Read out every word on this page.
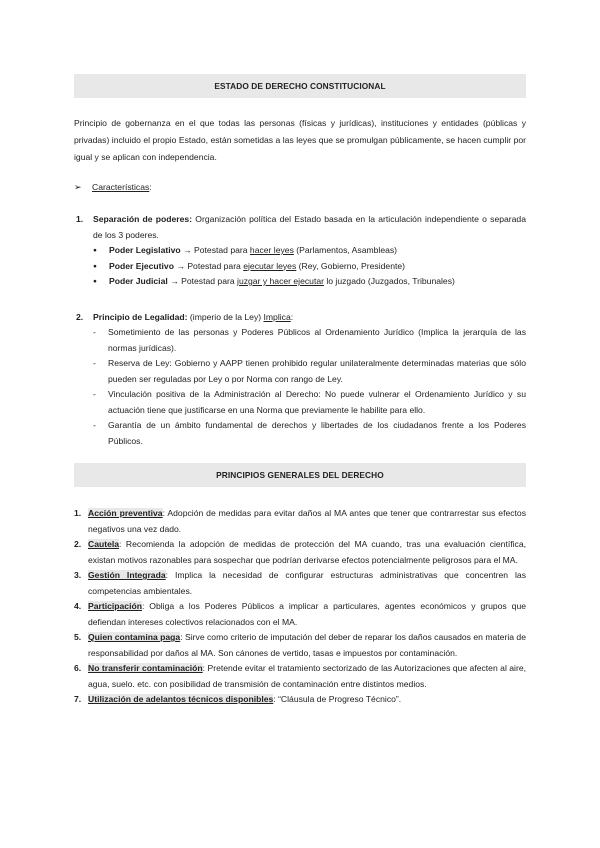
ESTADO DE DERECHO CONSTITUCIONAL

Principio de gobernanza en el que todas las personas (físicas y jurídicas), instituciones y entidades (públicas y privadas) incluido el propio Estado, están sometidas a las leyes que se promulgan públicamente, se hacen cumplir por igual y se aplican con independencia.

➢	Características :
1. Separación de poderes: Organización política del Estado basada en la articulación independiente o separada de los 3 poderes.
● Poder Legislativo → Potestad para hacer leyes (Parlamentos, Asambleas)
● Poder Ejecutivo → Potestad para ejecutar leyes (Rey, Gobierno, Presidente)
● Poder Judicial → Potestad para juzgar y hacer ejecutar lo juzgado (Juzgados, Tribunales)
2. Principio de Legalidad: (imperio de la Ley) Implica:
- Sometimiento de las personas y Poderes Públicos al Ordenamiento Jurídico (Implica la jerarquía de las normas jurídicas).
- Reserva de Ley: Gobierno y AAPP tienen prohibido regular unilateralmente determinadas materias que sólo pueden ser reguladas por Ley o por Norma con rango de Ley.
- Vinculación positiva de la Administración al Derecho: No puede vulnerar el Ordenamiento Jurídico y su actuación tiene que justificarse en una Norma que previamente le habilite para ello.
- Garantía de un ámbito fundamental de derechos y libertades de los ciudadanos frente a los Poderes Públicos.
PRINCIPIOS GENERALES DEL DERECHO
1. Acción preventiva: Adopción de medidas para evitar daños al MA antes que tener que contrarrestar sus efectos negativos una vez dado.
2. Cautela: Recomienda la adopción de medidas de protección del MA cuando, tras una evaluación científica, existan motivos razonables para sospechar que podrían derivarse efectos potencialmente peligrosos para el MA.
3. Gestión Integrada: Implica la necesidad de configurar estructuras administrativas que concentren las competencias ambientales.
4. Participación: Obliga a los Poderes Públicos a implicar a particulares, agentes económicos y grupos que defiendan intereses colectivos relacionados con el MA.
5. Quien contamina paga: Sirve como criterio de imputación del deber de reparar los daños causados en materia de responsabilidad por daños al MA. Son cánones de vertido, tasas e impuestos por contaminación.
6. No transferir contaminación: Pretende evitar el tratamiento sectorizado de las Autorizaciones que afecten al aire, agua, suelo. etc. con posibilidad de transmisión de contaminación entre distintos medios.
7. Utilización de adelantos técnicos disponibles: “Cláusula de Progreso Técnico”.
